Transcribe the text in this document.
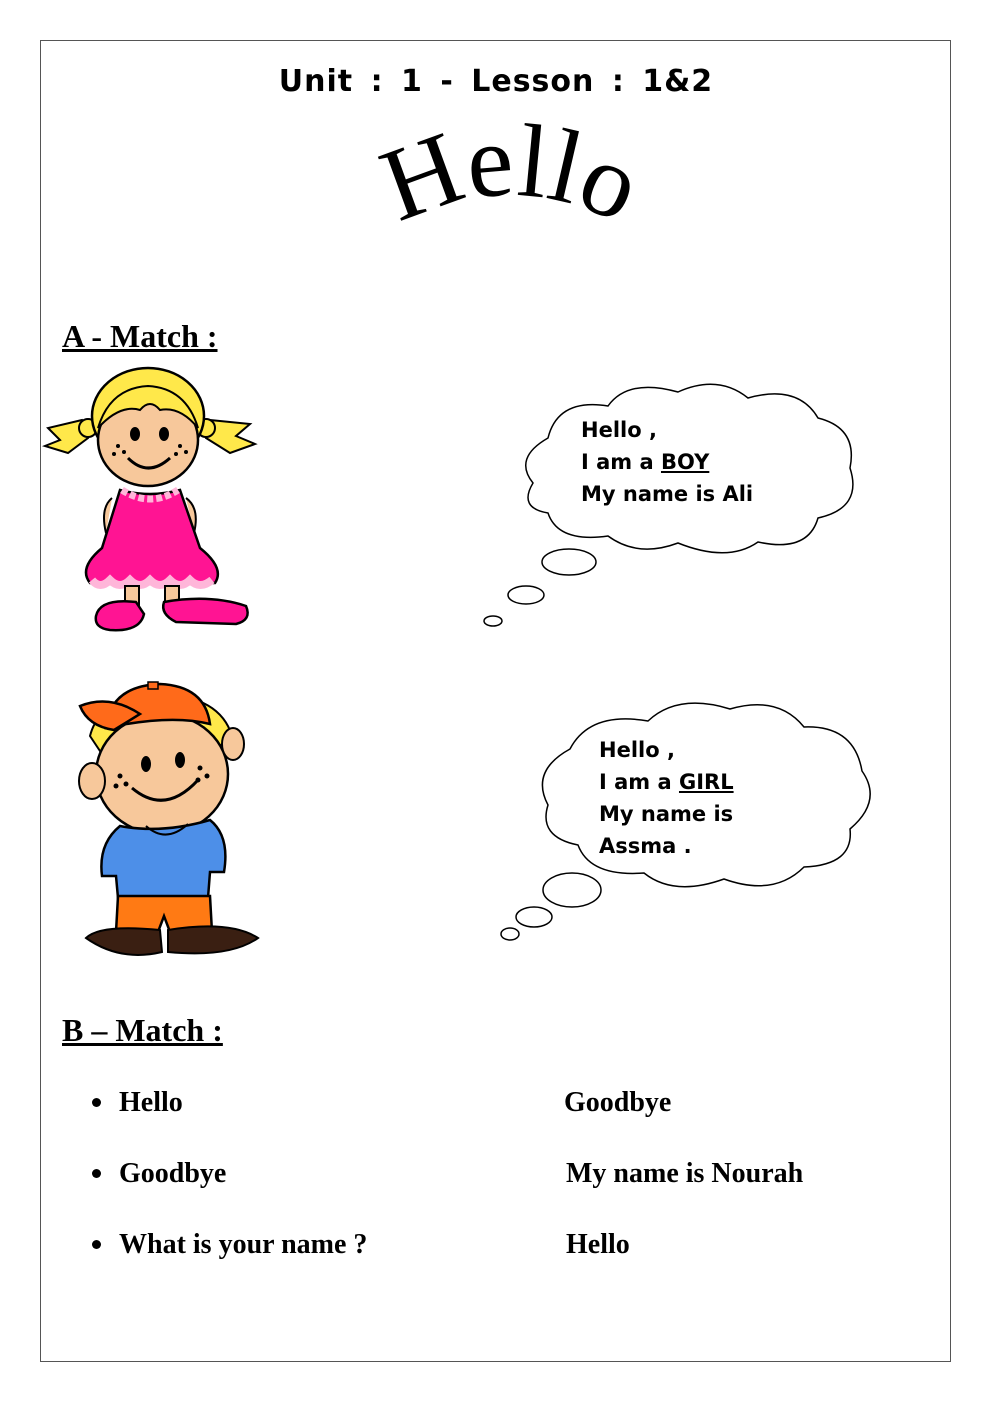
Unit : 1 - Lesson : 1&2
Hello
A - Match :
Hello ,
I am a BOY
My name is Ali
Hello ,
I am a GIRL
My name is
Assma .
B – Match :
Hello
Goodbye
What is your name ?
Goodbye
My name is Nourah
Hello
